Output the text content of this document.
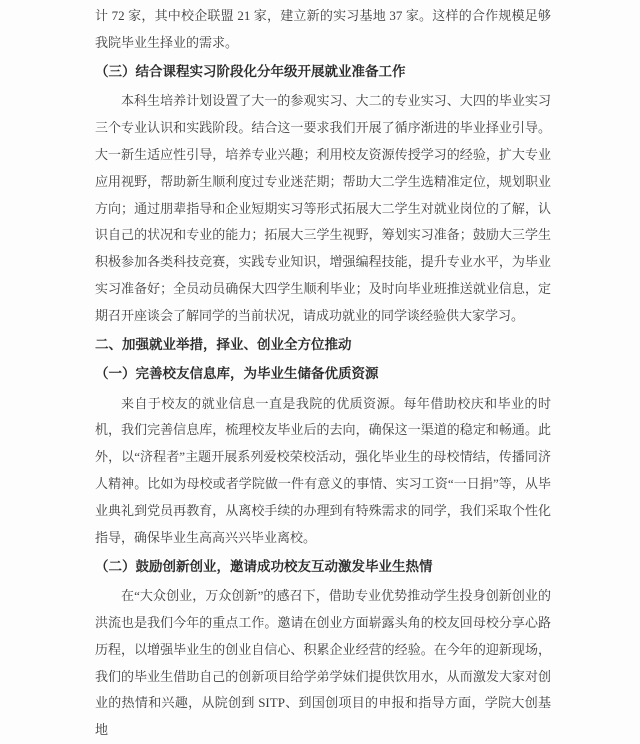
计 72 家，其中校企联盟 21 家，建立新的实习基地 37 家。这样的合作规模足够我院毕业生择业的需求。

（三）结合课程实习阶段化分年级开展就业准备工作

本科生培养计划设置了大一的参观实习、大二的专业实习、大四的毕业实习三个专业认识和实践阶段。结合这一要求我们开展了循序渐进的毕业择业引导。大一新生适应性引导，培养专业兴趣；利用校友资源传授学习的经验，扩大专业应用视野，帮助新生顺利度过专业迷茫期；帮助大二学生选精准定位，规划职业方向；通过朋辈指导和企业短期实习等形式拓展大二学生对就业岗位的了解，认识自己的状况和专业的能力；拓展大三学生视野，筹划实习准备；鼓励大三学生积极参加各类科技竞赛，实践专业知识，增强编程技能，提升专业水平，为毕业实习准备好；全员动员确保大四学生顺利毕业；及时向毕业班推送就业信息，定期召开座谈会了解同学的当前状况，请成功就业的同学谈经验供大家学习。

二、加强就业举措，择业、创业全方位推动
（一）完善校友信息库，为毕业生储备优质资源

来自于校友的就业信息一直是我院的优质资源。每年借助校庆和毕业的时机，我们完善信息库，梳理校友毕业后的去向，确保这一渠道的稳定和畅通。此外，以“济程者”主题开展系列爱校荣校活动，强化毕业生的母校情结，传播同济人精神。比如为母校或者学院做一件有意义的事情、实习工资“一日捐”等，从毕业典礼到党员再教育，从离校手续的办理到有特殊需求的同学，我们采取个性化指导，确保毕业生高高兴兴毕业离校。

（二）鼓励创新创业，邀请成功校友互动激发毕业生热情

在“大众创业，万众创新”的感召下，借助专业优势推动学生投身创新创业的洪流也是我们今年的重点工作。邀请在创业方面崭露头角的校友回母校分享心路历程，以增强毕业生的创业自信心、积累企业经营的经验。在今年的迎新现场，我们的毕业生借助自己的创新项目给学弟学妹们提供饮用水，从而激发大家对创业的热情和兴趣，从院创到 SITP、到国创项目的申报和指导方面，学院大创基地
